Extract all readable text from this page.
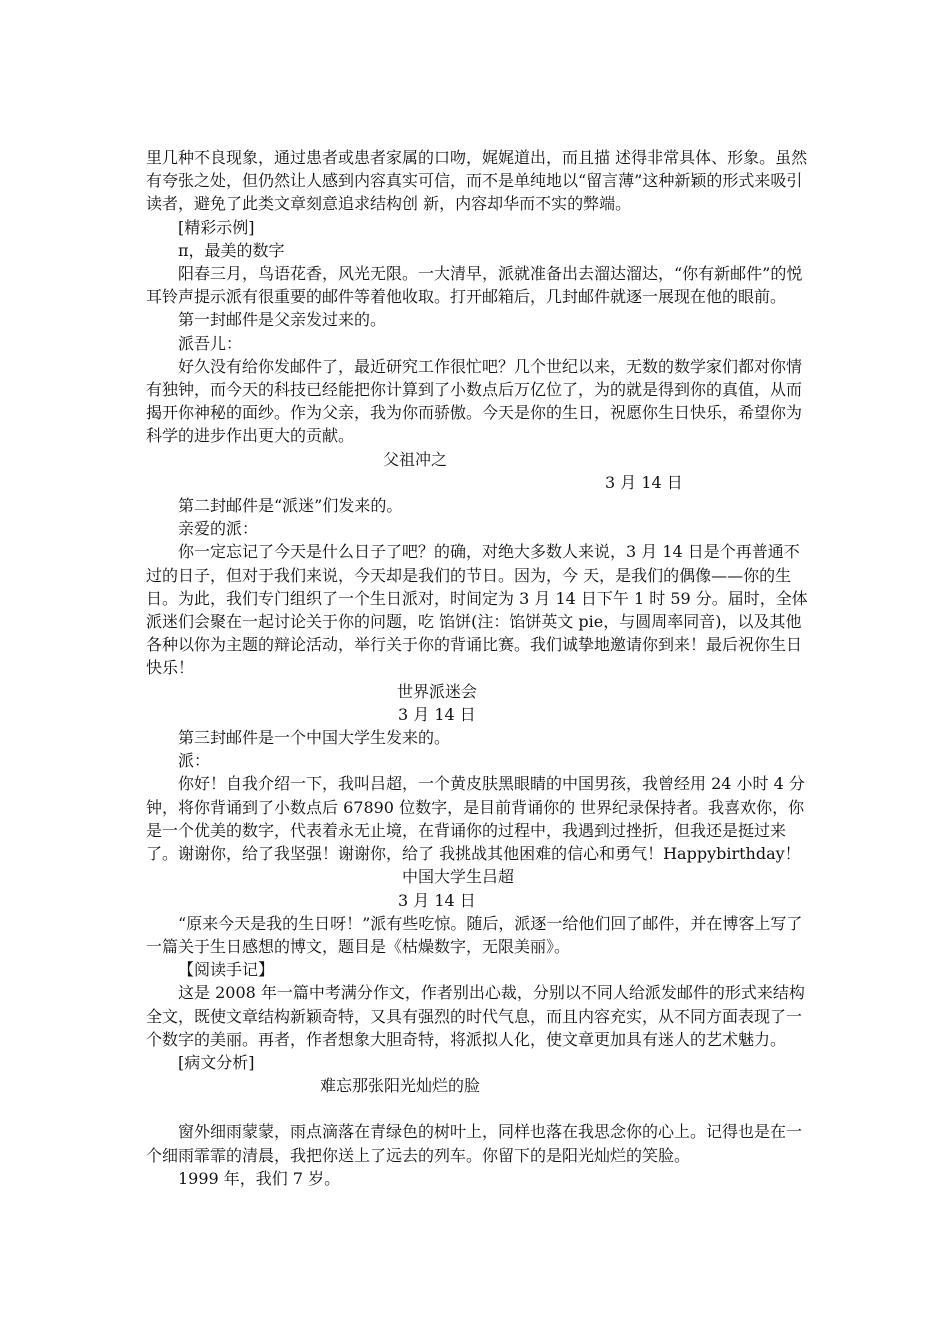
里几种不良现象，通过患者或患者家属的口吻，娓娓道出，而且描 述得非常具体、形象。虽然有夸张之处，但仍然让人感到内容真实可信，而不是单纯地以“留言薄”这种新颖的形式来吸引读者，避免了此类文章刻意追求结构创 新，内容却华而不实的弊端。

[精彩示例]

π，最美的数字

阳春三月，鸟语花香，风光无限。一大清早，派就准备出去溜达溜达，“你有新邮件”的悦耳铃声提示派有很重要的邮件等着他收取。打开邮箱后，几封邮件就逐一展现在他的眼前。

第一封邮件是父亲发过来的。

派吾儿：

好久没有给你发邮件了，最近研究工作很忙吧？几个世纪以来，无数的数学家们都对你情有独钟，而今天的科技已经能把你计算到了小数点后万亿位了，为的就是得到你的真值，从而揭开你神秘的面纱。作为父亲，我为你而骄傲。今天是你的生日，祝愿你生日快乐，希望你为科学的进步作出更大的贡献。

父祖冲之

3 月 14 日

第二封邮件是“派迷”们发来的。

亲爱的派：

你一定忘记了今天是什么日子了吧？的确，对绝大多数人来说，3 月 14 日是个再普通不过的日子，但对于我们来说，今天却是我们的节日。因为，今 天，是我们的偶像——你的生日。为此，我们专门组织了一个生日派对，时间定为 3 月 14 日下午 1 时 59 分。届时，全体派迷们会聚在一起讨论关于你的问题，吃 馅饼(注：馅饼英文 pie，与圆周率同音)，以及其他各种以你为主题的辩论活动，举行关于你的背诵比赛。我们诚挚地邀请你到来！最后祝你生日快乐！

世界派迷会

3 月 14 日

第三封邮件是一个中国大学生发来的。

派：

你好！自我介绍一下，我叫吕超，一个黄皮肤黑眼睛的中国男孩，我曾经用 24 小时 4 分钟，将你背诵到了小数点后 67890 位数字，是目前背诵你的 世界纪录保持者。我喜欢你，你是一个优美的数字，代表着永无止境，在背诵你的过程中，我遇到过挫折，但我还是挺过来了。谢谢你，给了我坚强！谢谢你，给了 我挑战其他困难的信心和勇气！Happybirthday！

中国大学生吕超

3 月 14 日

“原来今天是我的生日呀！”派有些吃惊。随后，派逐一给他们回了邮件，并在博客上写了一篇关于生日感想的博文，题目是《枯燥数字，无限美丽》。

【阅读手记】

这是 2008 年一篇中考满分作文，作者别出心裁，分别以不同人给派发邮件的形式来结构全文，既使文章结构新颖奇特，又具有强烈的时代气息，而且内容充实，从不同方面表现了一个数字的美丽。再者，作者想象大胆奇特，将派拟人化，使文章更加具有迷人的艺术魅力。

[病文分析]

难忘那张阳光灿烂的脸

窗外细雨蒙蒙，雨点滴落在青绿色的树叶上，同样也落在我思念你的心上。记得也是在一个细雨霏霏的清晨，我把你送上了远去的列车。你留下的是阳光灿烂的笑脸。

1999 年，我们 7 岁。
